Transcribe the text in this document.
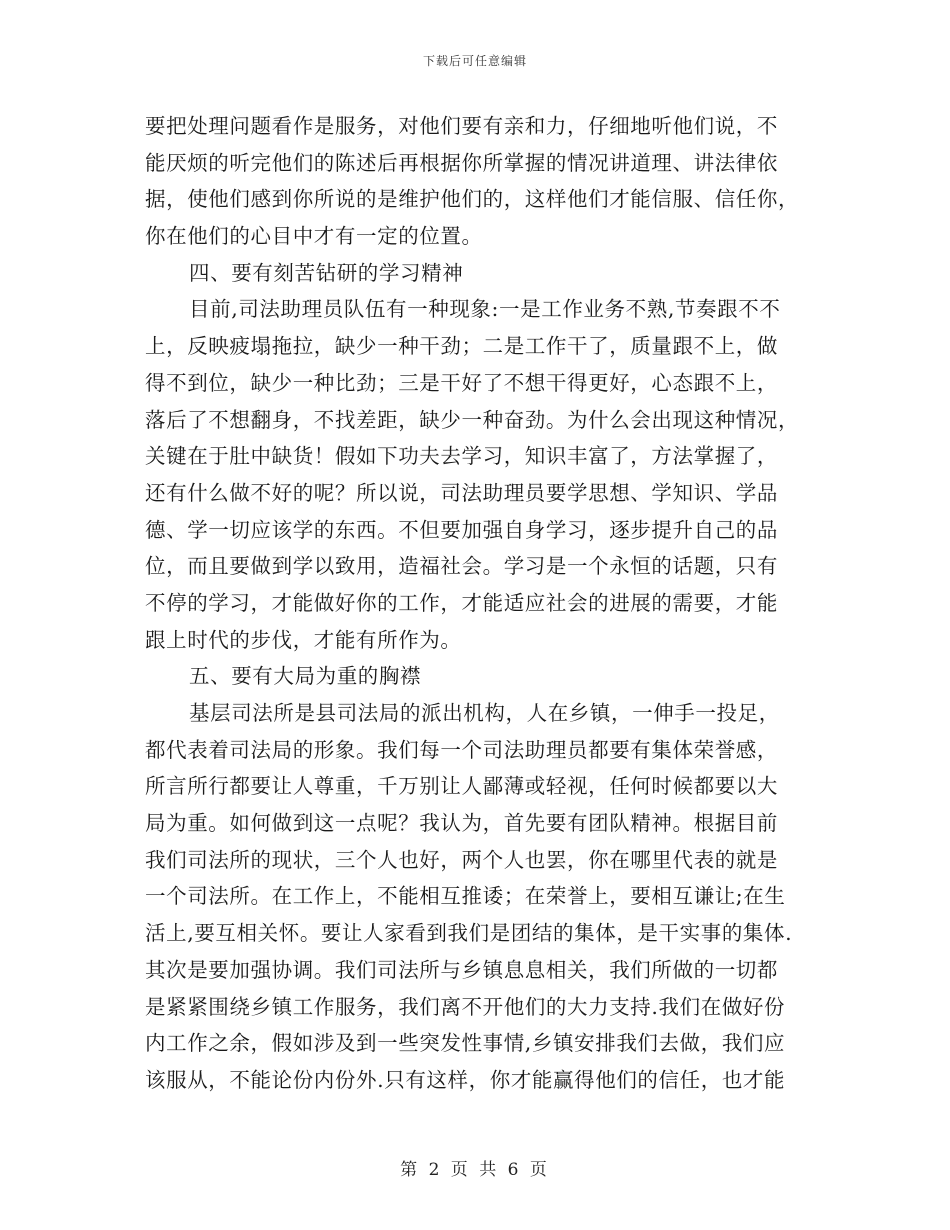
下载后可任意编辑
要把处理问题看作是服务，对他们要有亲和力，仔细地听他们说，不
能厌烦的听完他们的陈述后再根据你所掌握的情况讲道理、讲法律依
据，使他们感到你所说的是维护他们的，这样他们才能信服、信任你，
你在他们的心目中才有一定的位置。
四、要有刻苦钻研的学习精神
目前,司法助理员队伍有一种现象:一是工作业务不熟,节奏跟不不
上，反映疲塌拖拉，缺少一种干劲；二是工作干了，质量跟不上，做
得不到位，缺少一种比劲；三是干好了不想干得更好，心态跟不上，
落后了不想翻身，不找差距，缺少一种奋劲。为什么会出现这种情况，
关键在于肚中缺货！假如下功夫去学习，知识丰富了，方法掌握了，
还有什么做不好的呢？所以说，司法助理员要学思想、学知识、学品
德、学一切应该学的东西。不但要加强自身学习，逐步提升自己的品
位，而且要做到学以致用，造福社会。学习是一个永恒的话题，只有
不停的学习，才能做好你的工作，才能适应社会的进展的需要，才能
跟上时代的步伐，才能有所作为。
五、要有大局为重的胸襟
基层司法所是县司法局的派出机构，人在乡镇，一伸手一投足，
都代表着司法局的形象。我们每一个司法助理员都要有集体荣誉感，
所言所行都要让人尊重，千万别让人鄙薄或轻视，任何时候都要以大
局为重。如何做到这一点呢？我认为，首先要有团队精神。根据目前
我们司法所的现状，三个人也好，两个人也罢，你在哪里代表的就是
一个司法所。在工作上，不能相互推诿；在荣誉上，要相互谦让;在生
活上,要互相关怀。要让人家看到我们是团结的集体，是干实事的集体.
其次是要加强协调。我们司法所与乡镇息息相关，我们所做的一切都
是紧紧围绕乡镇工作服务，我们离不开他们的大力支持.我们在做好份
内工作之余，假如涉及到一些突发性事情,乡镇安排我们去做，我们应
该服从，不能论份内份外.只有这样，你才能赢得他们的信任，也才能
第 2 页 共 6 页
